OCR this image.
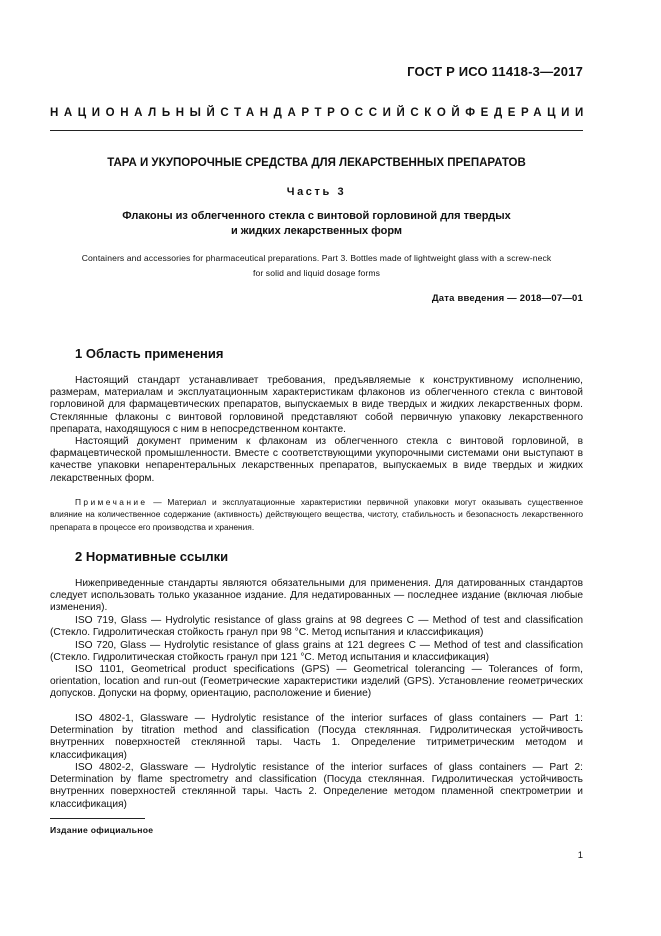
ГОСТ Р ИСО 11418-3—2017
НАЦИОНАЛЬНЫЙ СТАНДАРТ РОССИЙСКОЙ ФЕДЕРАЦИИ
ТАРА И УКУПОРОЧНЫЕ СРЕДСТВА ДЛЯ ЛЕКАРСТВЕННЫХ ПРЕПАРАТОВ
Часть 3
Флаконы из облегченного стекла с винтовой горловиной для твердых
и жидких лекарственных форм
Containers and accessories for pharmaceutical preparations. Part 3. Bottles made of lightweight glass with a screw-neck
for solid and liquid dosage forms
Дата введения — 2018—07—01
1 Область применения
Настоящий стандарт устанавливает требования, предъявляемые к конструктивному исполнению, размерам, материалам и эксплуатационным характеристикам флаконов из облегченного стекла с винтовой горловиной для фармацевтических препаратов, выпускаемых в виде твердых и жидких лекарственных форм. Стеклянные флаконы с винтовой горловиной представляют собой первичную упаковку лекарственного препарата, находящуюся с ним в непосредственном контакте.
Настоящий документ применим к флаконам из облегченного стекла с винтовой горловиной, в фармацевтической промышленности. Вместе с соответствующими укупорочными системами они выступают в качестве упаковки непарентеральных лекарственных препаратов, выпускаемых в виде твердых и жидких лекарственных форм.
Примечание — Материал и эксплуатационные характеристики первичной упаковки могут оказывать существенное влияние на количественное содержание (активность) действующего вещества, чистоту, стабильность и безопасность лекарственного препарата в процессе его производства и хранения.
2 Нормативные ссылки
Нижеприведенные стандарты являются обязательными для применения. Для датированных стандартов следует использовать только указанное издание. Для недатированных — последнее издание (включая любые изменения).
ISO 719, Glass — Hydrolytic resistance of glass grains at 98 degrees C — Method of test and classification (Стекло. Гидролитическая стойкость гранул при 98 °С. Метод испытания и классификация)
ISO 720, Glass — Hydrolytic resistance of glass grains at 121 degrees C — Method of test and classification (Стекло. Гидролитическая стойкость гранул при 121 °С. Метод испытания и классификация)
ISO 1101, Geometrical product specifications (GPS) — Geometrical tolerancing — Tolerances of form, orientation, location and run-out (Геометрические характеристики изделий (GPS). Установление геометрических допусков. Допуски на форму, ориентацию, расположение и биение)
ISO 4802-1, Glassware — Hydrolytic resistance of the interior surfaces of glass containers — Part 1: Determination by titration method and classification (Посуда стеклянная. Гидролитическая устойчивость внутренних поверхностей стеклянной тары. Часть 1. Определение титриметрическим методом и классификация)
ISO 4802-2, Glassware — Hydrolytic resistance of the interior surfaces of glass containers — Part 2: Determination by flame spectrometry and classification (Посуда стеклянная. Гидролитическая устойчивость внутренних поверхностей стеклянной тары. Часть 2. Определение методом пламенной спектрометрии и классификация)
Издание официальное
1
